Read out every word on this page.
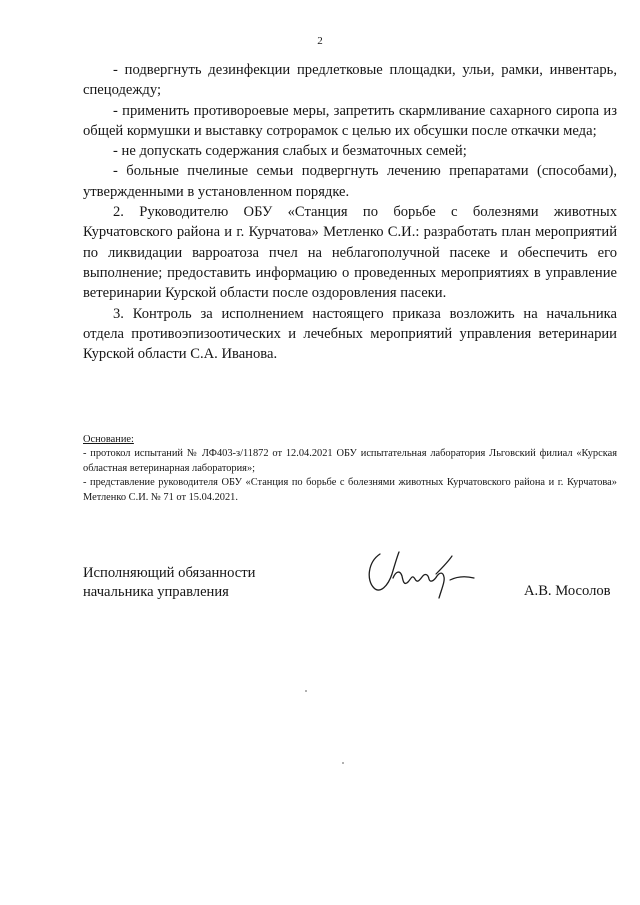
2

- подвергнуть дезинфекции предлетковые площадки, ульи, рамки, инвентарь, спецодежду;

- применить противороевые меры, запретить скармливание сахарного сиропа из общей кормушки и выставку сотpoрамок с целью их обсушки после откачки меда;

- не допускать содержания слабых и безматочных семей;

- больные пчелиные семьи подвергнуть лечению препаратами (способами), утвержденными в установленном порядке.

2. Руководителю ОБУ «Станция по борьбе с болезнями животных Курчатовского района и г. Курчатова» Метленко С.И.: разработать план мероприятий по ликвидации варроатоза пчел на неблагополучной пасеке и обеспечить его выполнение; предоставить информацию о проведенных мероприятиях в управление ветеринарии Курской области после оздоровления пасеки.

3. Контроль за исполнением настоящего приказа возложить на начальника отдела противоэпизоотических и лечебных мероприятий управления ветеринарии Курской области С.А. Иванова.

Основание:

- протокол испытаний № ЛФ403-з/11872 от 12.04.2021 ОБУ испытательная лаборатория Льговский филиал «Курская областная ветеринарная лаборатория»;

- представление руководителя ОБУ «Станция по борьбе с болезнями животных Курчатовского района и г. Курчатова» Метленко С.И. № 71 от 15.04.2021.

Исполняющий обязанности
начальника управления	А.В. Мосолов
